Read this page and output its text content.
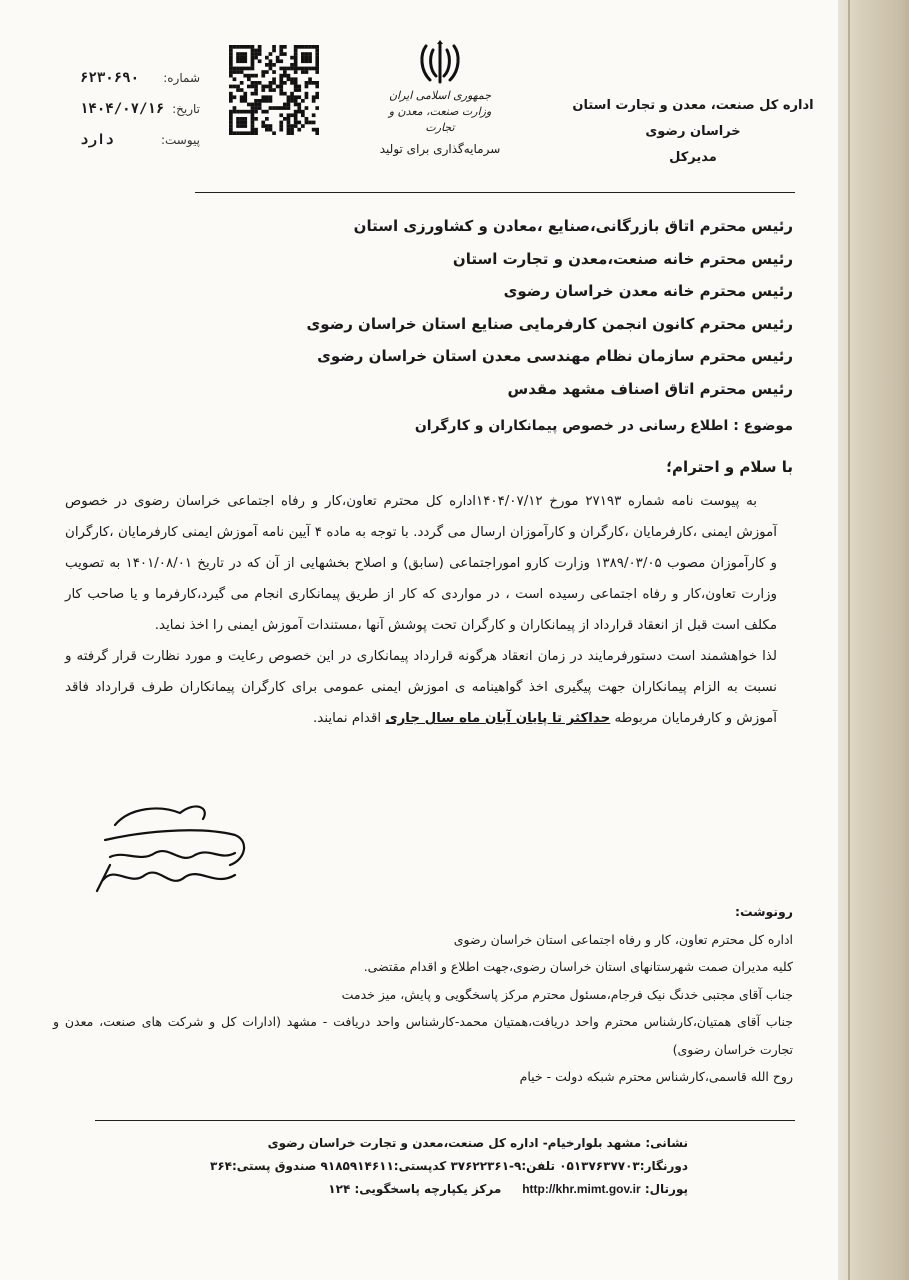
اداره کل صنعت، معدن و تجارت استان خراسان رضوی
مدیرکل
جمهوری اسلامی ایران
وزارت صنعت، معدن و تجارت
سرمایه‌گذاری برای تولید
شماره:
۶۲۳۰۶۹۰
تاریخ:
۱۴۰۴/۰۷/۱۶
پیوست:
دارد
رئیس محترم اتاق بازرگانی،صنایع ،معادن و کشاورزی استان
رئیس محترم خانه صنعت،معدن و تجارت استان
رئیس محترم خانه معدن خراسان رضوی
رئیس محترم کانون انجمن کارفرمایی صنایع استان خراسان رضوی
رئیس محترم سازمان نظام مهندسی معدن استان خراسان رضوی
رئیس محترم اتاق اصناف مشهد مقدس
موضوع : اطلاع رسانی در خصوص پیمانکاران و کارگران
با سلام و احترام؛

به پیوست نامه شماره ۲۷۱۹۳ مورخ ۱۴۰۴/۰۷/۱۲اداره کل محترم تعاون،کار و رفاه اجتماعی خراسان رضوی در خصوص آموزش ایمنی ،کارفرمایان ،کارگران و کارآموزان ارسال می گردد. با توجه به ماده ۴ آیین نامه آموزش ایمنی کارفرمایان ،کارگران و کارآموزان مصوب ۱۳۸۹/۰۳/۰۵ وزارت کارو اموراجتماعی (سابق) و اصلاح بخشهایی از آن که در تاریخ ۱۴۰۱/۰۸/۰۱ به تصویب وزارت تعاون،کار و رفاه اجتماعی رسیده است ، در مواردی که کار از طریق پیمانکاری انجام می گیرد،کارفرما و یا صاحب کار مکلف است قبل از انعقاد قرارداد از پیمانکاران و کارگران تحت پوشش آنها ،مستندات آموزش ایمنی را اخذ نماید.

لذا خواهشمند است دستورفرمایند در زمان انعقاد هرگونه قرارداد پیمانکاری در این خصوص رعایت و مورد نظارت قرار گرفته و نسبت به الزام پیمانکاران جهت پیگیری اخذ گواهینامه ی اموزش ایمنی عمومی برای کارگران پیمانکاران طرف قرارداد فاقد آموزش و کارفرمایان مربوطه حداکثر تا پایان آبان ماه سال جاری اقدام نمایند.

رونوشت:
اداره کل محترم تعاون، کار و رفاه اجتماعی استان خراسان رضوی
کلیه مدیران صمت شهرستانهای استان خراسان رضوی،جهت اطلاع و اقدام مقتضی.
جناب آقای مجتبی خدنگ نیک فرجام،مسئول محترم مرکز پاسخگویی و پایش، میز خدمت
جناب آقای همتیان،کارشناس محترم واحد دریافت،همتیان محمد-کارشناس واحد دریافت - مشهد (ادارات کل و شرکت های صنعت، معدن و تجارت خراسان رضوی)
روح الله قاسمی،کارشناس محترم شبکه دولت - خیام
نشانی: مشهد بلوارخیام- اداره کل صنعت،معدن و تجارت خراسان رضوی
دورنگار:۰۵۱۳۷۶۳۷۷۰۳ تلفن:۹-۳۷۶۲۲۳۶۱ کدپستی:۹۱۸۵۹۱۴۶۱۱ صندوق پستی:۳۶۴
پورتال: http://khr.mimt.gov.ir     مرکز یکپارچه پاسخگویی: ۱۲۴
